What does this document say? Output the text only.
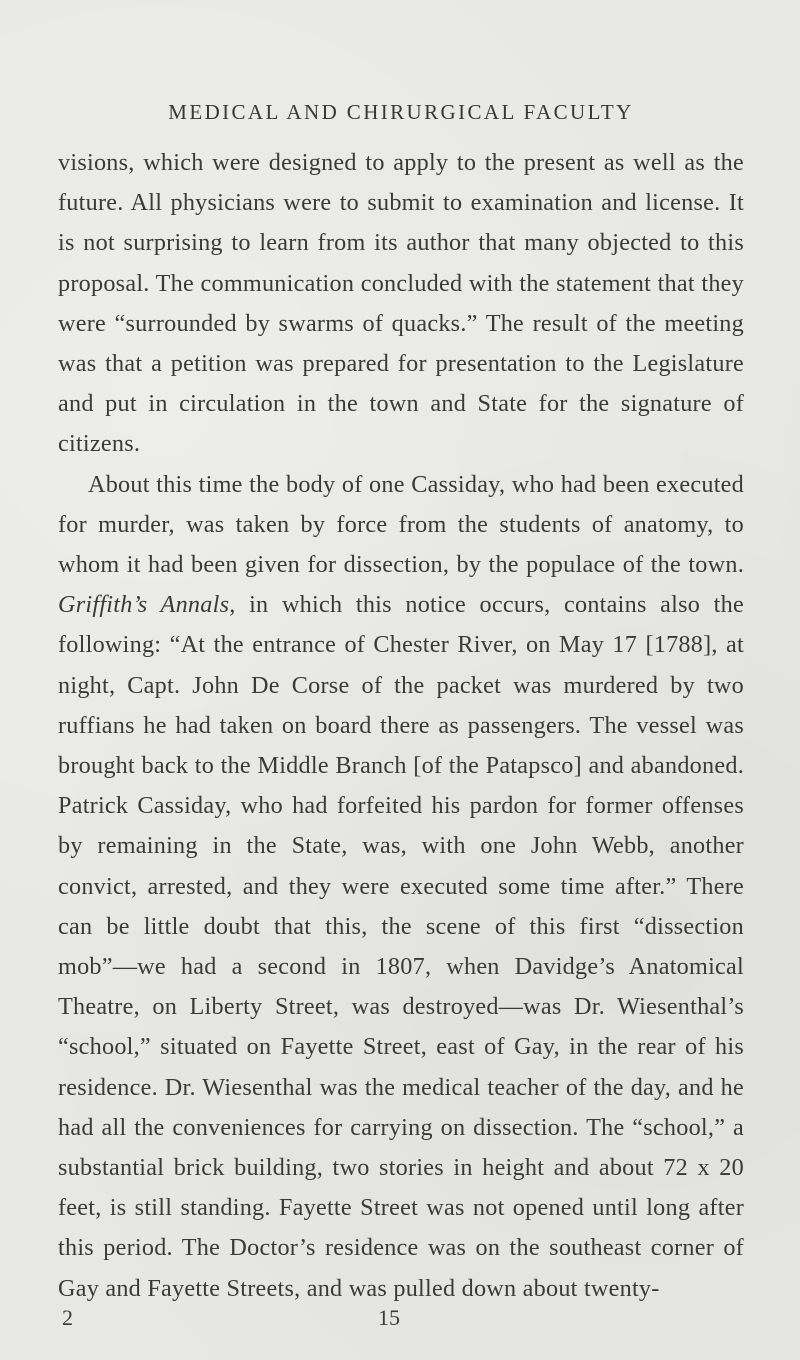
MEDICAL AND CHIRURGICAL FACULTY

visions, which were designed to apply to the present as well as the future. All physicians were to submit to examination and license. It is not surprising to learn from its author that many objected to this proposal. The communication concluded with the statement that they were “surrounded by swarms of quacks.” The result of the meeting was that a petition was prepared for presentation to the Legislature and put in circulation in the town and State for the signature of citizens.

About this time the body of one Cassiday, who had been executed for murder, was taken by force from the students of anatomy, to whom it had been given for dissection, by the populace of the town. Griffith’s Annals, in which this notice occurs, contains also the following: “At the entrance of Chester River, on May 17 [1788], at night, Capt. John De Corse of the packet was murdered by two ruffians he had taken on board there as passengers. The vessel was brought back to the Middle Branch [of the Patapsco] and abandoned. Patrick Cassiday, who had forfeited his pardon for former offenses by remaining in the State, was, with one John Webb, another convict, arrested, and they were executed some time after.” There can be little doubt that this, the scene of this first “dissection mob”—we had a second in 1807, when Davidge’s Anatomical Theatre, on Liberty Street, was destroyed—was Dr. Wiesenthal’s “school,” situated on Fayette Street, east of Gay, in the rear of his residence. Dr. Wiesenthal was the medical teacher of the day, and he had all the conveniences for carrying on dissection. The “school,” a substantial brick building, two stories in height and about 72 x 20 feet, is still standing. Fayette Street was not opened until long after this period. The Doctor’s residence was on the southeast corner of Gay and Fayette Streets, and was pulled down about twenty-

2	15
